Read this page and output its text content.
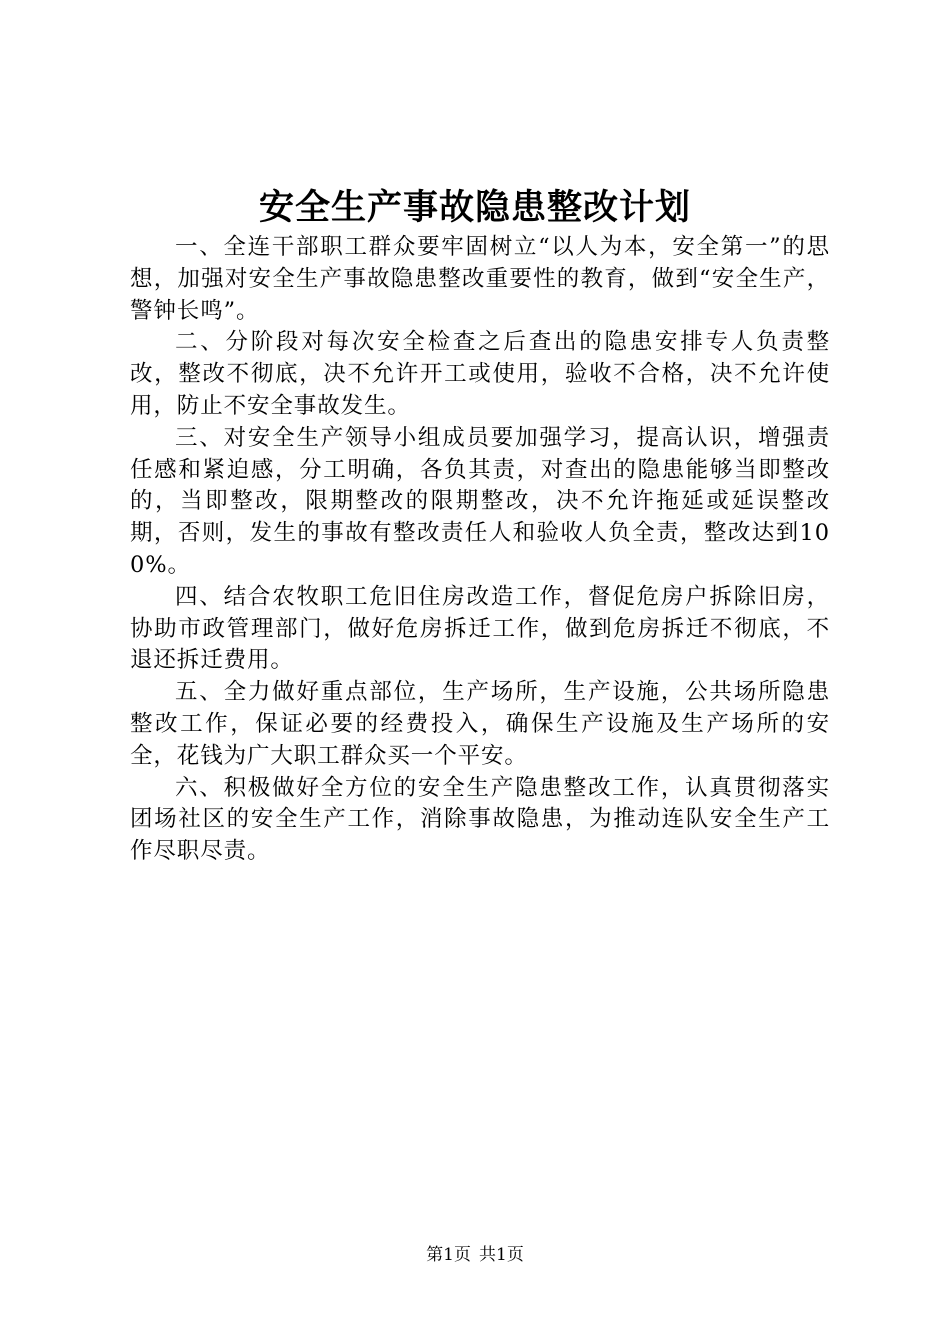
安全生产事故隐患整改计划

一、全连干部职工群众要牢固树立“以人为本，安全第一”的思想，加强对安全生产事故隐患整改重要性的教育，做到“安全生产，警钟长鸣”。

二、分阶段对每次安全检查之后查出的隐患安排专人负责整改，整改不彻底，决不允许开工或使用，验收不合格，决不允许使用，防止不安全事故发生。

三、对安全生产领导小组成员要加强学习，提高认识，增强责任感和紧迫感，分工明确，各负其责，对查出的隐患能够当即整改的，当即整改，限期整改的限期整改，决不允许拖延或延误整改期，否则，发生的事故有整改责任人和验收人负全责，整改达到100%。

四、结合农牧职工危旧住房改造工作，督促危房户拆除旧房，协助市政管理部门，做好危房拆迁工作，做到危房拆迁不彻底，不退还拆迁费用。

五、全力做好重点部位，生产场所，生产设施，公共场所隐患整改工作，保证必要的经费投入，确保生产设施及生产场所的安全，花钱为广大职工群众买一个平安。

六、积极做好全方位的安全生产隐患整改工作，认真贯彻落实团场社区的安全生产工作，消除事故隐患，为推动连队安全生产工作尽职尽责。

第1页 共1页
